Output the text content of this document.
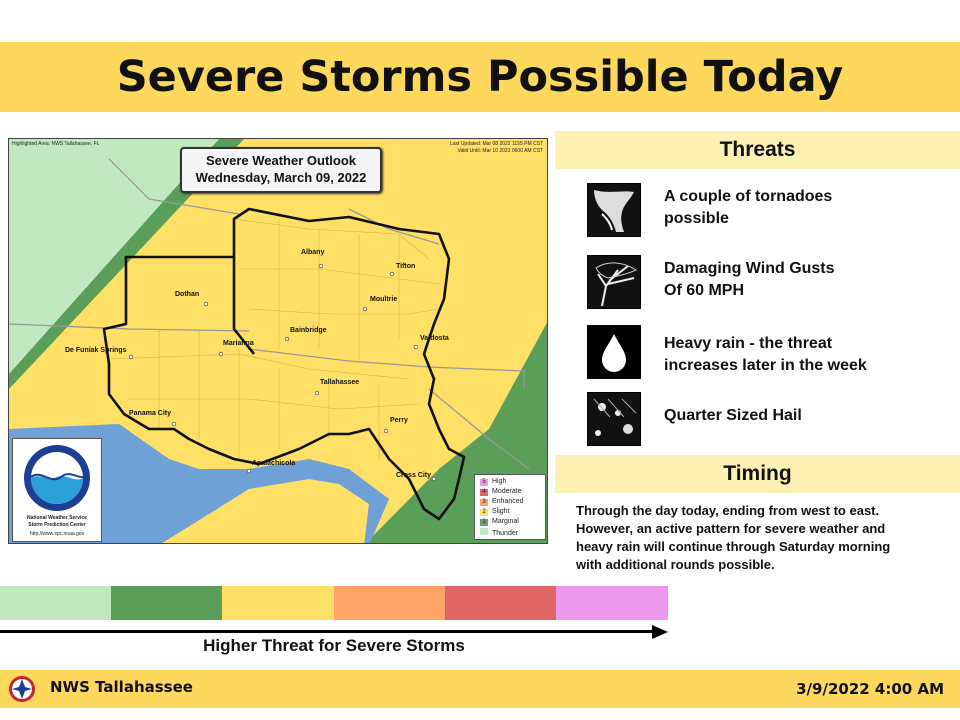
Severe Storms Possible Today
Highlighted Area: NWS Tallahassee, FL	Last Updated: Mar 08 2022 1155 PM CST
Valid Until: Mar 10 2022 0600 AM CST
Albany
Tifton
Dothan
Moultrie
Bainbridge
Valdosta
De Funiak Springs
Marianna
Tallahassee
Panama City
Perry
Apalachicola
Cross City
Severe Weather Outlook
Wednesday, March 09, 2022
NOAA
National Weather Service
Storm Prediction Center
http://www.spc.noaa.gov
5 High
4 Moderate
3 Enhanced
2 Slight
1 Marginal
Thunder
Threats
A couple of tornadoes
possible
Damaging Wind Gusts
Of 60 MPH
Heavy rain - the threat
increases later in the week
Quarter Sized Hail
Timing
Through the day today, ending from west to east.
However, an active pattern for severe weather and
heavy rain will continue through Saturday morning
with additional rounds possible.
Higher Threat for Severe Storms
NWS Tallahassee	3/9/2022 4:00 AM
